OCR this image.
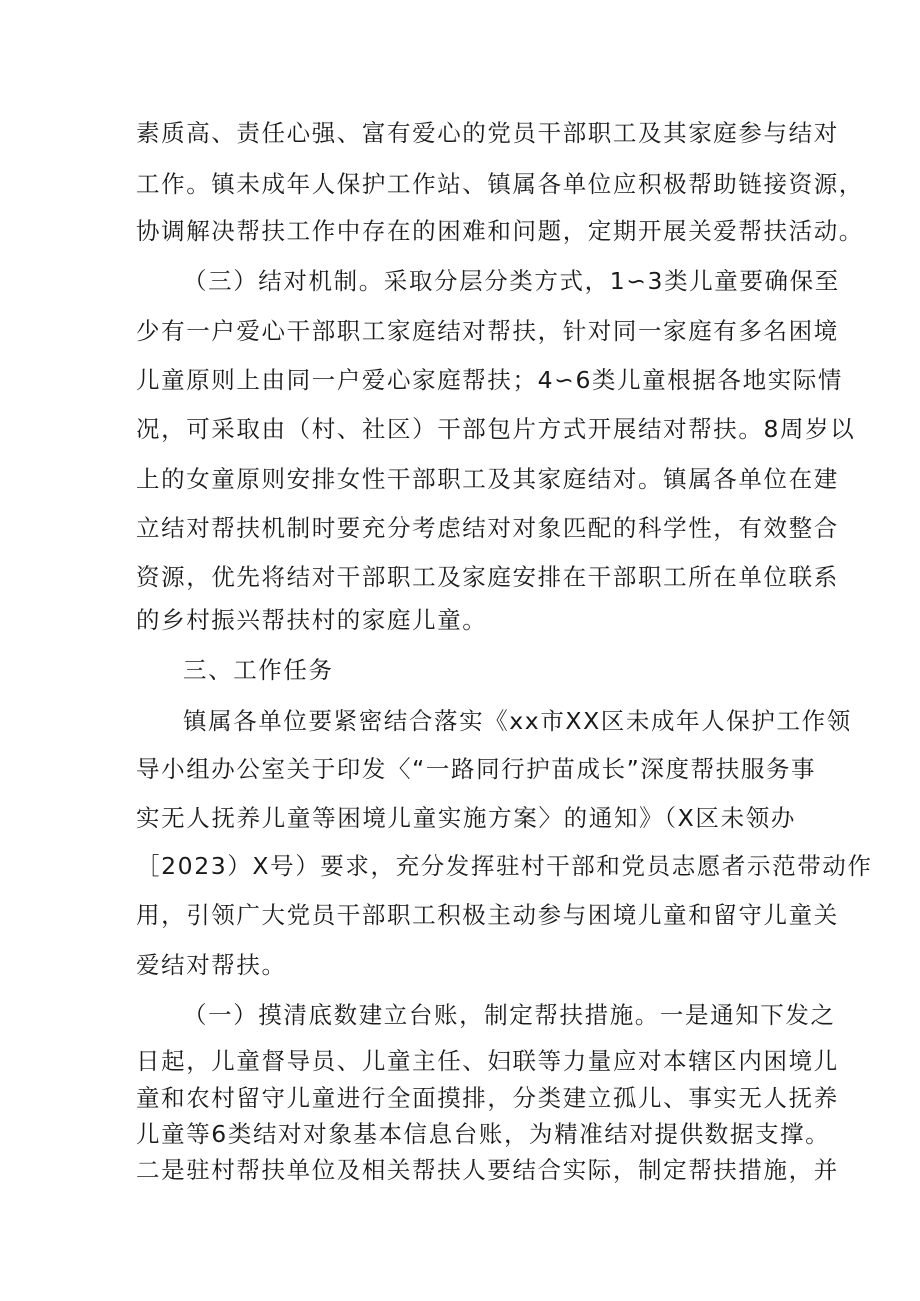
素质高、责任心强、富有爱心的党员干部职工及其家庭参与结对
工作。镇未成年人保护工作站、镇属各单位应积极帮助链接资源，
协调解决帮扶工作中存在的困难和问题，定期开展关爱帮扶活动。
（三）结对机制。采取分层分类方式，1∽3类儿童要确保至
少有一户爱心干部职工家庭结对帮扶，针对同一家庭有多名困境
儿童原则上由同一户爱心家庭帮扶；4∽6类儿童根据各地实际情
况，可采取由（村、社区）干部包片方式开展结对帮扶。8周岁以
上的女童原则安排女性干部职工及其家庭结对。镇属各单位在建
立结对帮扶机制时要充分考虑结对对象匹配的科学性，有效整合
资源，优先将结对干部职工及家庭安排在干部职工所在单位联系
的乡村振兴帮扶村的家庭儿童。
三、工作任务
镇属各单位要紧密结合落实《xx市XX区未成年人保护工作领
导小组办公室关于印发〈“一路同行护苗成长”深度帮扶服务事
实无人抚养儿童等困境儿童实施方案〉的通知》（X区未领办
［2023）X号）要求，充分发挥驻村干部和党员志愿者示范带动作
用，引领广大党员干部职工积极主动参与困境儿童和留守儿童关
爱结对帮扶。
（一）摸清底数建立台账，制定帮扶措施。一是通知下发之
日起，儿童督导员、儿童主任、妇联等力量应对本辖区内困境儿
童和农村留守儿童进行全面摸排，分类建立孤儿、事实无人抚养
儿童等6类结对对象基本信息台账，为精准结对提供数据支撑。
二是驻村帮扶单位及相关帮扶人要结合实际，制定帮扶措施，并
